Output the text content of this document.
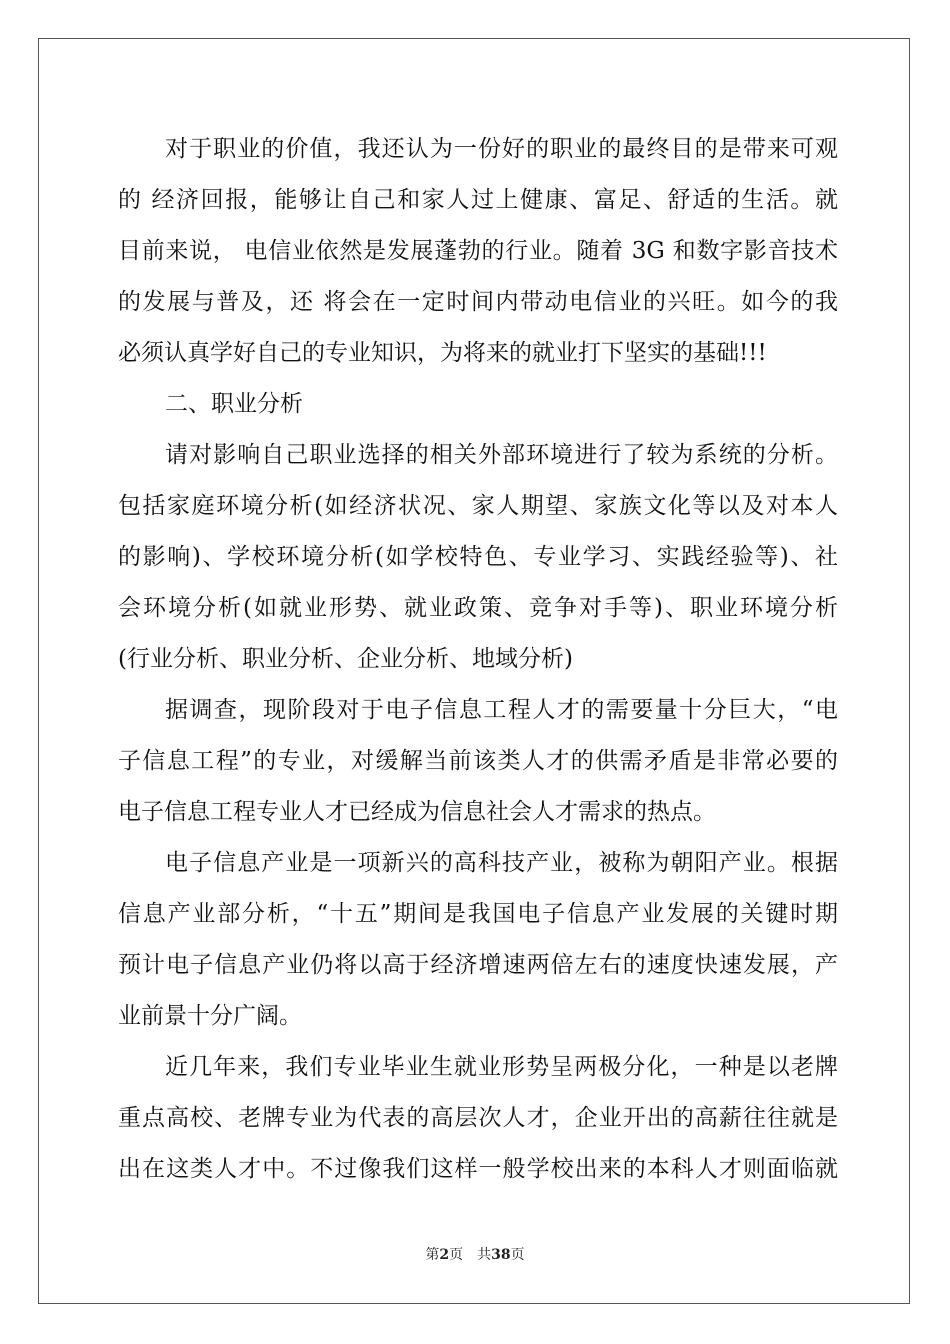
对于职业的价值，我还认为一份好的职业的最终目的是带来可观
的 经济回报，能够让自己和家人过上健康、富足、舒适的生活。就
目前来说， 电信业依然是发展蓬勃的行业。随着 3G 和数字影音技术
的发展与普及，还 将会在一定时间内带动电信业的兴旺。如今的我
必须认真学好自己的专业知识，为将来的就业打下坚实的基础!!!
二、职业分析
请对影响自己职业选择的相关外部环境进行了较为系统的分析。
包括家庭环境分析(如经济状况、家人期望、家族文化等以及对本人
的影响)、学校环境分析(如学校特色、专业学习、实践经验等)、社
会环境分析(如就业形势、就业政策、竞争对手等)、职业环境分析
(行业分析、职业分析、企业分析、地域分析)
据调查，现阶段对于电子信息工程人才的需要量十分巨大，“电
子信息工程”的专业，对缓解当前该类人才的供需矛盾是非常必要的
电子信息工程专业人才已经成为信息社会人才需求的热点。
电子信息产业是一项新兴的高科技产业，被称为朝阳产业。根据
信息产业部分析，“十五”期间是我国电子信息产业发展的关键时期
预计电子信息产业仍将以高于经济增速两倍左右的速度快速发展，产
业前景十分广阔。
近几年来，我们专业毕业生就业形势呈两极分化，一种是以老牌
重点高校、老牌专业为代表的高层次人才，企业开出的高薪往往就是
出在这类人才中。不过像我们这样一般学校出来的本科人才则面临就
第2页　共38页
